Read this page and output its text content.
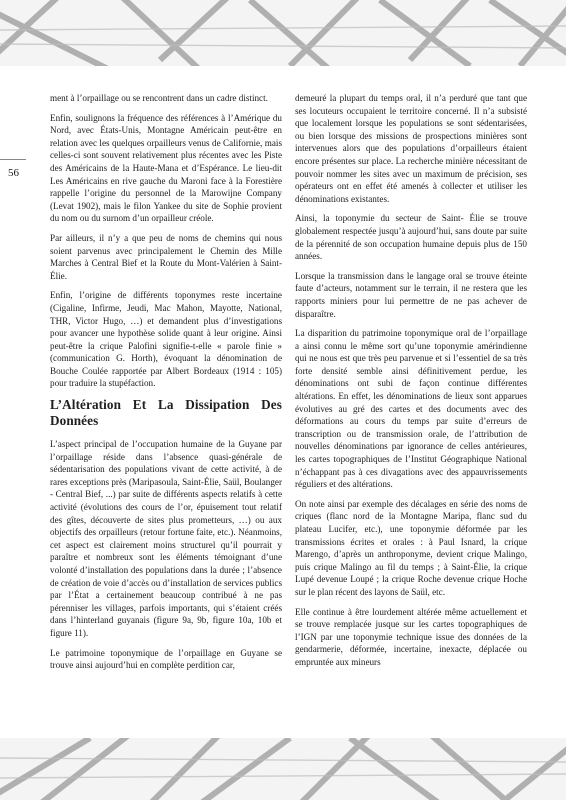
56

ment à l’orpaillage ou se rencontrent dans un cadre distinct.

Enfin, soulignons la fréquence des références à l’Amérique du Nord, avec États-Unis, Montagne Américain peut-être en relation avec les quelques orpailleurs venus de Californie, mais celles-ci sont souvent relativement plus récentes avec les Piste des Américains de la Haute-Mana et d’Espérance. Le lieu-dit Les Américains en rive gauche du Maroni face à la Forestière rappelle l’origine du personnel de la Marowijne Company (Levat 1902), mais le filon Yankee du site de Sophie provient du nom ou du surnom d’un orpailleur créole.

Par ailleurs, il n’y a que peu de noms de chemins qui nous soient parvenus avec principalement le Chemin des Mille Marches à Central Bief et la Route du Mont-Valérien à Saint-Élie.

Enfin, l’origine de différents toponymes reste incertaine (Cigaline, Infirme, Jeudi, Mac Mahon, Mayotte, National, THR, Victor Hugo, …) et demandent plus d’investigations pour avancer une hypothèse solide quant à leur origine. Ainsi peut-être la crique Palofini signifie-t-elle « parole finie » (communication G. Horth), évoquant la dénomination de Bouche Coulée rapportée par Albert Bordeaux (1914 : 105) pour traduire la stupéfaction.

L’Altération Et La Dissipation Des Données

L’aspect principal de l’occupation humaine de la Guyane par l’orpaillage réside dans l’absence quasi-générale de sédentarisation des populations vivant de cette activité, à de rares exceptions près (Maripasoula, Saint-Élie, Saül, Boulanger - Central Bief, ...) par suite de différents aspects relatifs à cette activité (évolutions des cours de l’or, épuisement tout relatif des gîtes, découverte de sites plus prometteurs, …) ou aux objectifs des orpailleurs (retour fortune faite, etc.). Néanmoins, cet aspect est clairement moins structurel qu’il pourrait y paraître et nombreux sont les éléments témoignant d’une volonté d’installation des populations dans la durée ; l’absence de création de voie d’accès ou d’installation de services publics par l’État a certainement beaucoup contribué à ne pas pérenniser les villages, parfois importants, qui s’étaient créés dans l’hinterland guyanais (figure 9a, 9b, figure 10a, 10b et figure 11).

Le patrimoine toponymique de l’orpaillage en Guyane se trouve ainsi aujourd’hui en complète perdition car,

demeuré la plupart du temps oral, il n’a perduré que tant que ses locuteurs occupaient le territoire concerné. Il n’a subsisté que localement lorsque les populations se sont sédentarisées, ou bien lorsque des missions de prospections minières sont intervenues alors que des populations d’orpailleurs étaient encore présentes sur place. La recherche minière nécessitant de pouvoir nommer les sites avec un maximum de précision, ses opérateurs ont en effet été amenés à collecter et utiliser les dénominations existantes.

Ainsi, la toponymie du secteur de Saint- Élie se trouve globalement respectée jusqu’à aujourd’hui, sans doute par suite de la pérennité de son occupation humaine depuis plus de 150 années.

Lorsque la transmission dans le langage oral se trouve éteinte faute d’acteurs, notamment sur le terrain, il ne restera que les rapports miniers pour lui permettre de ne pas achever de disparaître.

La disparition du patrimoine toponymique oral de l’orpaillage a ainsi connu le même sort qu’une toponymie amérindienne qui ne nous est que très peu parvenue et si l’essentiel de sa très forte densité semble ainsi définitivement perdue, les dénominations ont subi de façon continue différentes altérations. En effet, les dénominations de lieux sont apparues évolutives au gré des cartes et des documents avec des déformations au cours du temps par suite d’erreurs de transcription ou de transmission orale, de l’attribution de nouvelles dénominations par ignorance de celles antérieures, les cartes topographiques de l’Institut Géographique National n’échappant pas à ces divagations avec des appauvrissements réguliers et des altérations.

On note ainsi par exemple des décalages en série des noms de criques (flanc nord de la Montagne Maripa, flanc sud du plateau Lucifer, etc.), une toponymie déformée par les transmissions écrites et orales : à Paul Isnard, la crique Marengo, d’après un anthroponyme, devient crique Malingo, puis crique Malingo au fil du temps ; à Saint-Élie, la crique Lupé devenue Loupé ; la crique Roche devenue crique Hoche sur le plan récent des layons de Saül, etc.

Elle continue à être lourdement altérée même actuellement et se trouve remplacée jusque sur les cartes topographiques de l’IGN par une toponymie technique issue des données de la gendarmerie, déformée, incertaine, inexacte, déplacée ou empruntée aux mineurs
